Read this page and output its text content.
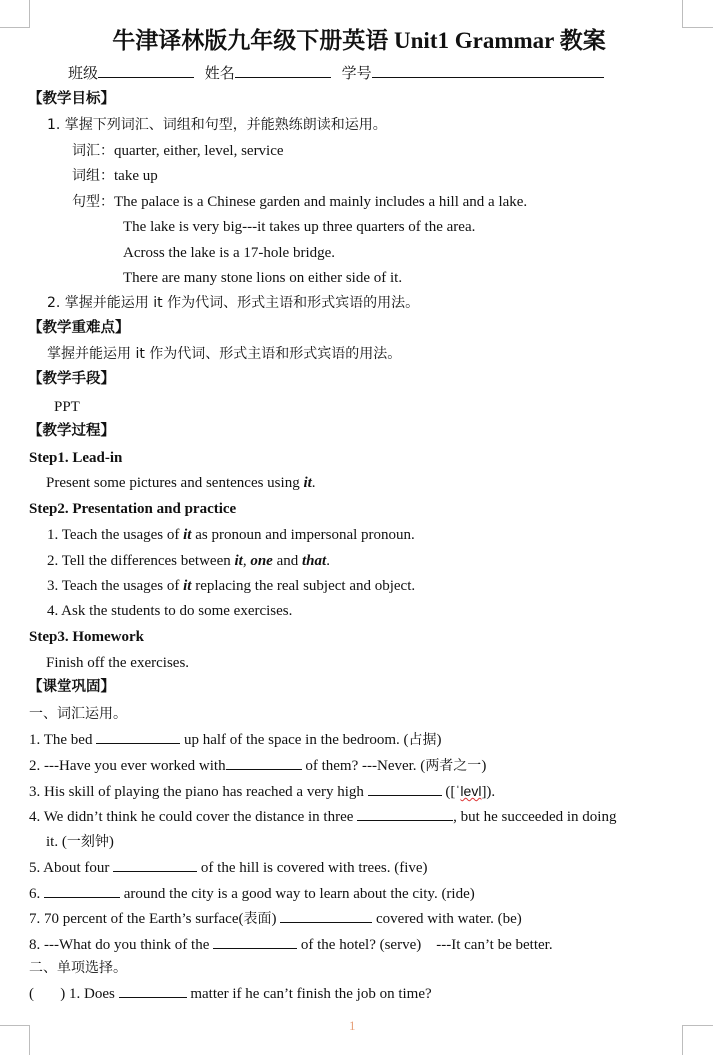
牛津译林版九年级下册英语 Unit1 Grammar 教案
班级	姓名	学号
【教学目标】
1. 掌握下列词汇、词组和句型，并能熟练朗读和运用。
词汇：quarter, either, level, service
词组：take up
句型：The palace is a Chinese garden and mainly includes a hill and a lake.
The lake is very big---it takes up three quarters of the area.
Across the lake is a 17-hole bridge.
There are many stone lions on either side of it.
2. 掌握并能运用 it 作为代词、形式主语和形式宾语的用法。
【教学重难点】
掌握并能运用 it 作为代词、形式主语和形式宾语的用法。
【教学手段】
PPT
【教学过程】
Step1. Lead-in
Present some pictures and sentences using it.
Step2. Presentation and practice
1. Teach the usages of it as pronoun and impersonal pronoun.
2. Tell the differences between it, one and that.
3. Teach the usages of it replacing the real subject and object.
4. Ask the students to do some exercises.
Step3. Homework
Finish off the exercises.
【课堂巩固】
一、词汇运用。
1. The bed	up half of the space in the bedroom. (占据)
2. ---Have you ever worked with	of them? ---Never. (两者之一)
3. His skill of playing the piano has reached a very high	([ˈlevl]).
4. We didn’t think he could cover the distance in three	, but he succeeded in doing
it. (一刻钟)
5. About four	of the hill is covered with trees. (five)
6.	around the city is a good way to learn about the city. (ride)
7. 70 percent of the Earth’s surface(表面)	covered with water. (be)
8. ---What do you think of the	of the hotel? (serve)    ---It can’t be better.
二、单项选择。
(       ) 1. Does	matter if he can’t finish the job on time?
1
